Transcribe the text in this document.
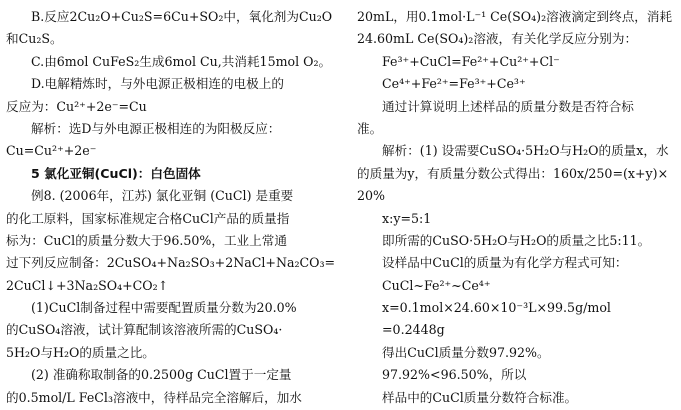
B.反应2Cu₂O+Cu₂S=6Cu+SO₂中，氧化剂为Cu₂O
和Cu₂S。
C.由6mol CuFeS₂生成6mol Cu,共消耗15mol O₂。
D.电解精炼时，与外电源正极相连的电极上的
反应为：Cu²⁺+2e⁻=Cu
解析：选D与外电源正极相连的为阳极反应：
Cu=Cu²⁺+2e⁻
5 氯化亚铜(CuCl)：白色固体
例8. (2006年，江苏) 氯化亚铜 (CuCl) 是重要
的化工原料，国家标准规定合格CuCl产品的质量指
标为：CuCl的质量分数大于96.50%，工业上常通
过下列反应制备：2CuSO₄+Na₂SO₃+2NaCl+Na₂CO₃=
2CuCl↓+3Na₂SO₄+CO₂↑
(1)CuCl制备过程中需要配置质量分数为20.0%
的CuSO₄溶液，试计算配制该溶液所需的CuSO₄·
5H₂O与H₂O的质量之比。
(2) 准确称取制备的0.2500g CuCl置于一定量
的0.5mol/L FeCl₃溶液中，待样品完全溶解后，加水
20mL，用0.1mol·L⁻¹ Ce(SO₄)₂溶液滴定到终点，消耗
24.60mL Ce(SO₄)₂溶液，有关化学反应分别为：
Fe³⁺+CuCl=Fe²⁺+Cu²⁺+Cl⁻
Ce⁴⁺+Fe²⁺=Fe³⁺+Ce³⁺
通过计算说明上述样品的质量分数是否符合标
准。
解析：(1) 设需要CuSO₄·5H₂O与H₂O的质量x，水
的质量为y，有质量分数公式得出：160x/250=(x+y)×
20%
x:y=5:1
即所需的CuSO·5H₂O与H₂O的质量之比5:11。
设样品中CuCl的质量为有化学方程式可知：
CuCl~Fe²⁺~Ce⁴⁺
x=0.1mol×24.60×10⁻³L×99.5g/mol
=0.2448g
得出CuCl质量分数97.92%。
97.92%<96.50%，所以
样品中的CuCl质量分数符合标准。
